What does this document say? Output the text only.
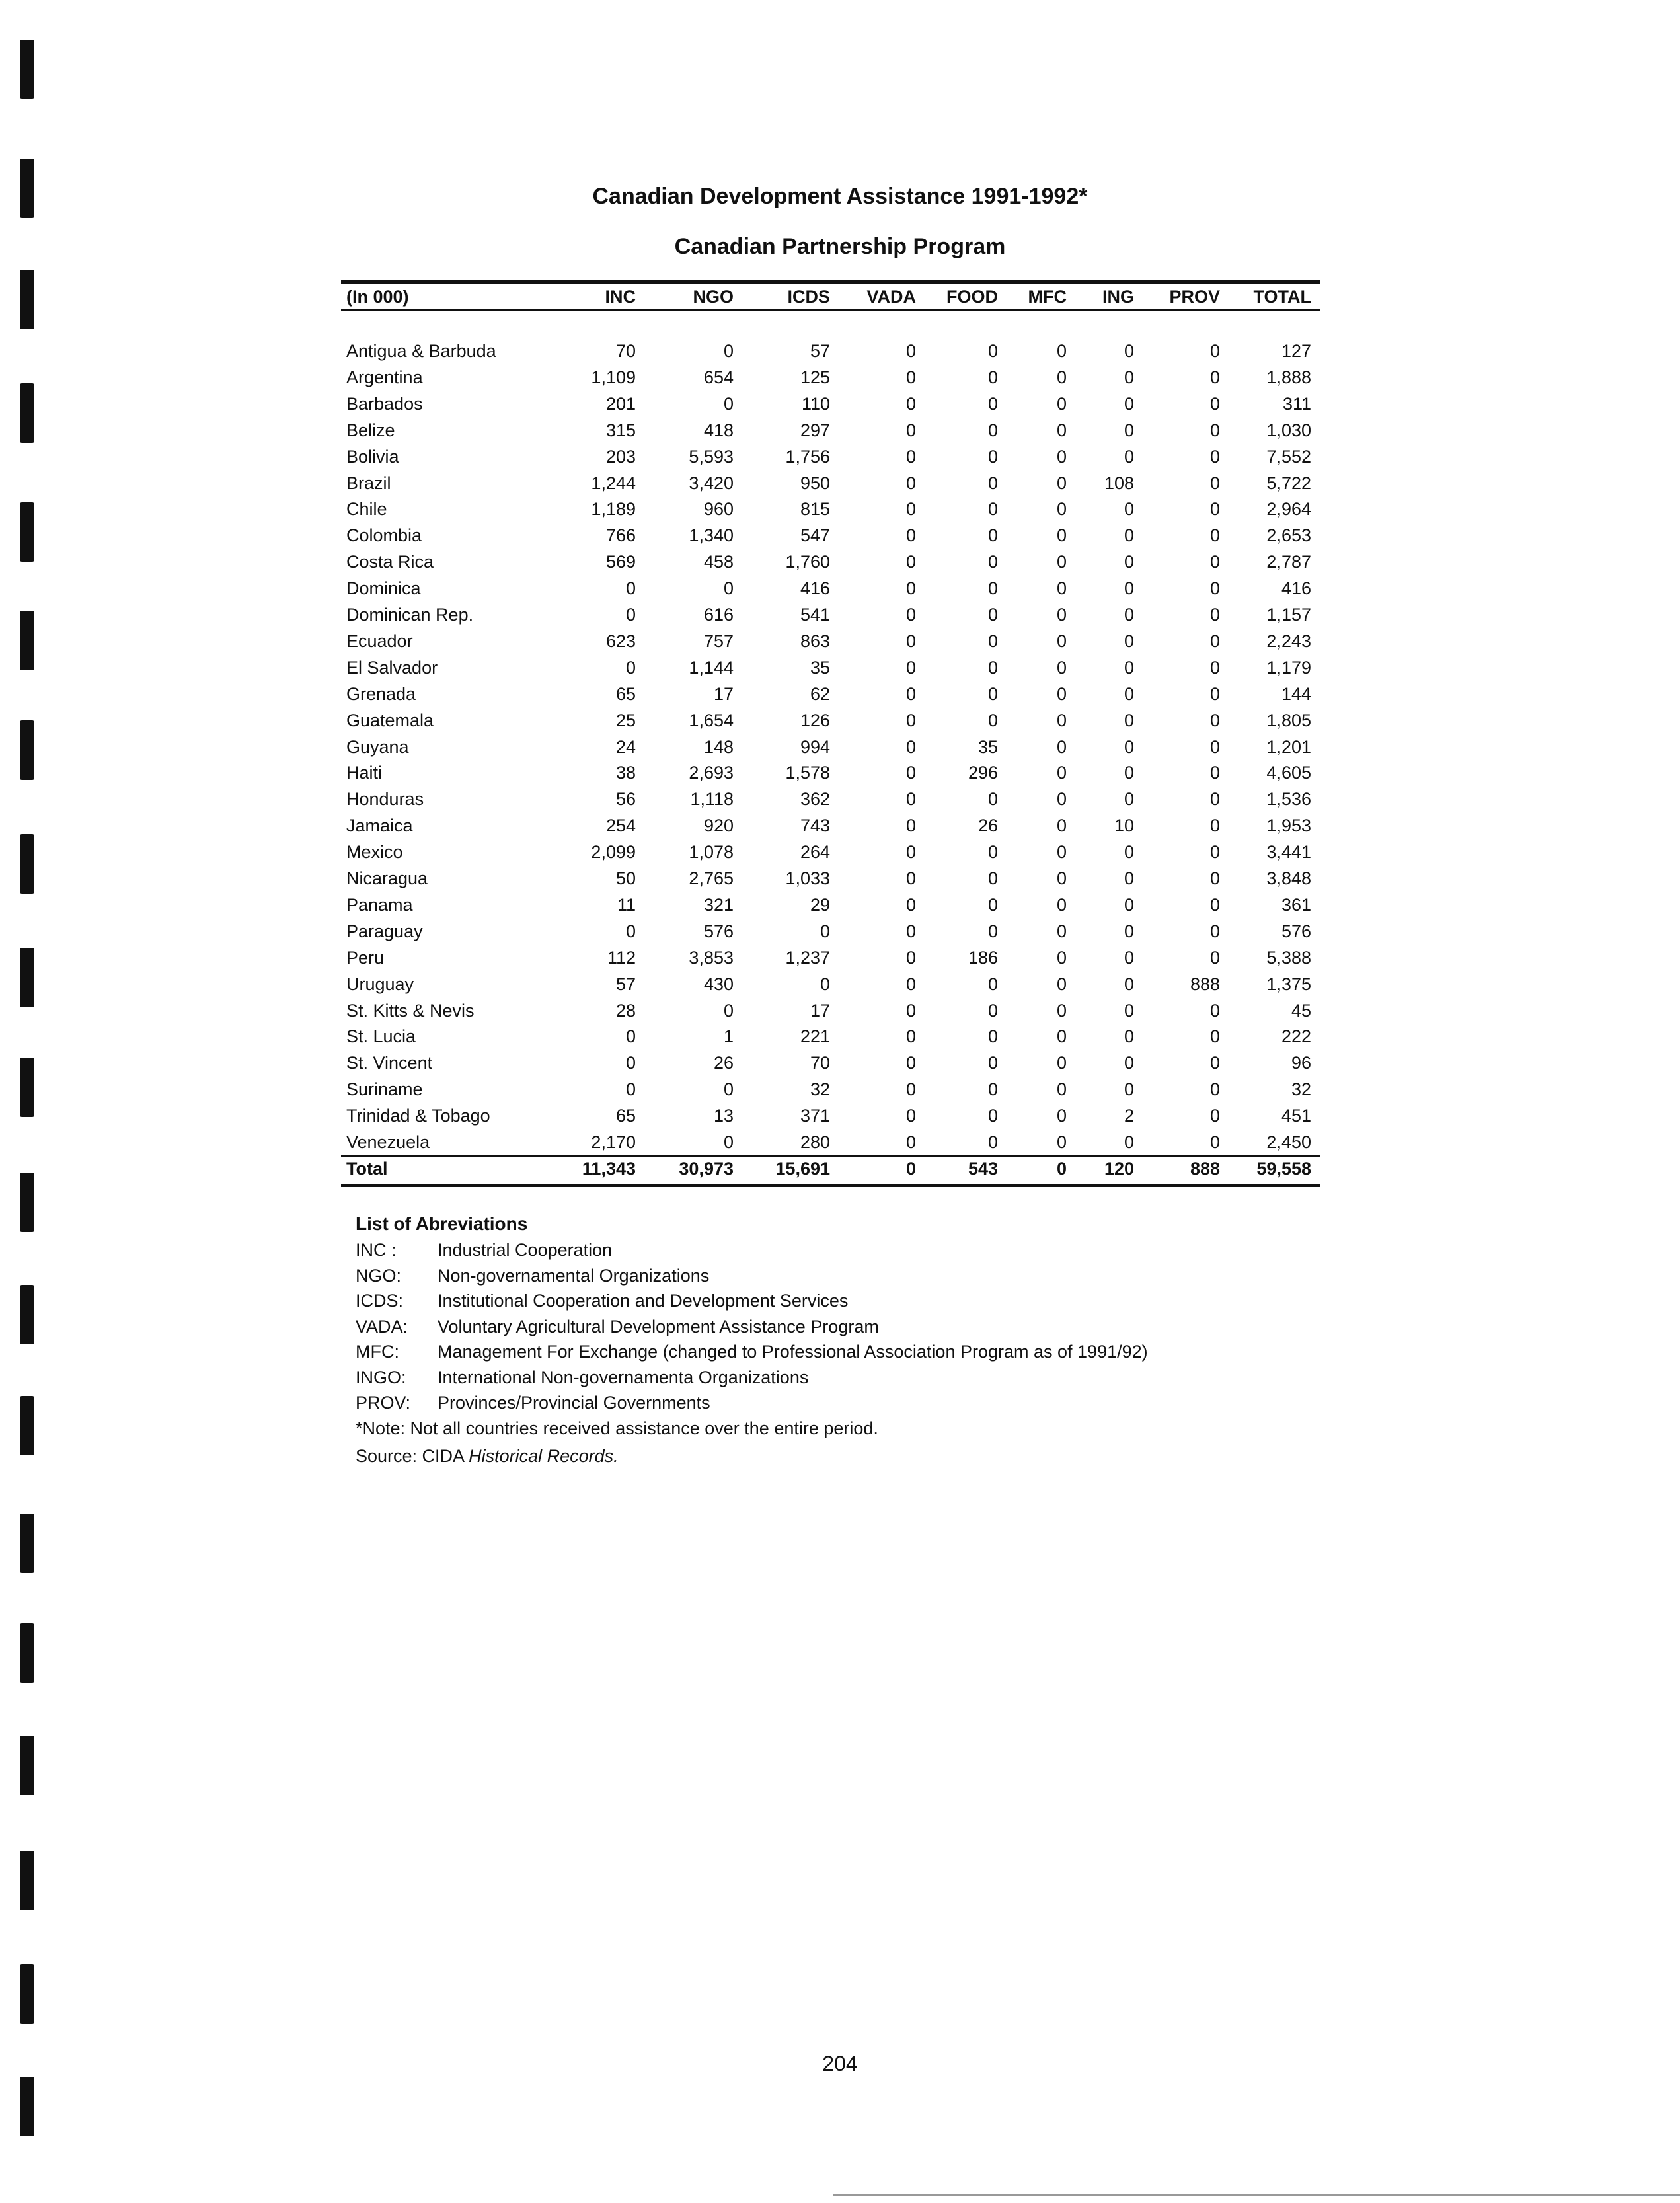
Canadian Development Assistance 1991-1992*
Canadian Partnership Program
(In 000)	INC	NGO	ICDS	VADA	FOOD	MFC	ING	PROV	TOTAL
Antigua & Barbuda	70	0	57	0	0	0	0	0	127
Argentina	1,109	654	125	0	0	0	0	0	1,888
Barbados	201	0	110	0	0	0	0	0	311
Belize	315	418	297	0	0	0	0	0	1,030
Bolivia	203	5,593	1,756	0	0	0	0	0	7,552
Brazil	1,244	3,420	950	0	0	0	108	0	5,722
Chile	1,189	960	815	0	0	0	0	0	2,964
Colombia	766	1,340	547	0	0	0	0	0	2,653
Costa Rica	569	458	1,760	0	0	0	0	0	2,787
Dominica	0	0	416	0	0	0	0	0	416
Dominican Rep.	0	616	541	0	0	0	0	0	1,157
Ecuador	623	757	863	0	0	0	0	0	2,243
El Salvador	0	1,144	35	0	0	0	0	0	1,179
Grenada	65	17	62	0	0	0	0	0	144
Guatemala	25	1,654	126	0	0	0	0	0	1,805
Guyana	24	148	994	0	35	0	0	0	1,201
Haiti	38	2,693	1,578	0	296	0	0	0	4,605
Honduras	56	1,118	362	0	0	0	0	0	1,536
Jamaica	254	920	743	0	26	0	10	0	1,953
Mexico	2,099	1,078	264	0	0	0	0	0	3,441
Nicaragua	50	2,765	1,033	0	0	0	0	0	3,848
Panama	11	321	29	0	0	0	0	0	361
Paraguay	0	576	0	0	0	0	0	0	576
Peru	112	3,853	1,237	0	186	0	0	0	5,388
Uruguay	57	430	0	0	0	0	0	888	1,375
St. Kitts & Nevis	28	0	17	0	0	0	0	0	45
St. Lucia	0	1	221	0	0	0	0	0	222
St. Vincent	0	26	70	0	0	0	0	0	96
Suriname	0	0	32	0	0	0	0	0	32
Trinidad & Tobago	65	13	371	0	0	0	2	0	451
Venezuela	2,170	0	280	0	0	0	0	0	2,450
Total	11,343	30,973	15,691	0	543	0	120	888	59,558
List of Abreviations
INC : Industrial Cooperation
NGO: Non-governamental Organizations
ICDS: Institutional Cooperation and Development Services
VADA: Voluntary Agricultural Development Assistance Program
MFC: Management For Exchange (changed to Professional Association Program as of 1991/92)
INGO: International Non-governamenta Organizations
PROV: Provinces/Provincial Governments
*Note: Not all countries received assistance over the entire period.
Source: CIDA Historical Records.
204
